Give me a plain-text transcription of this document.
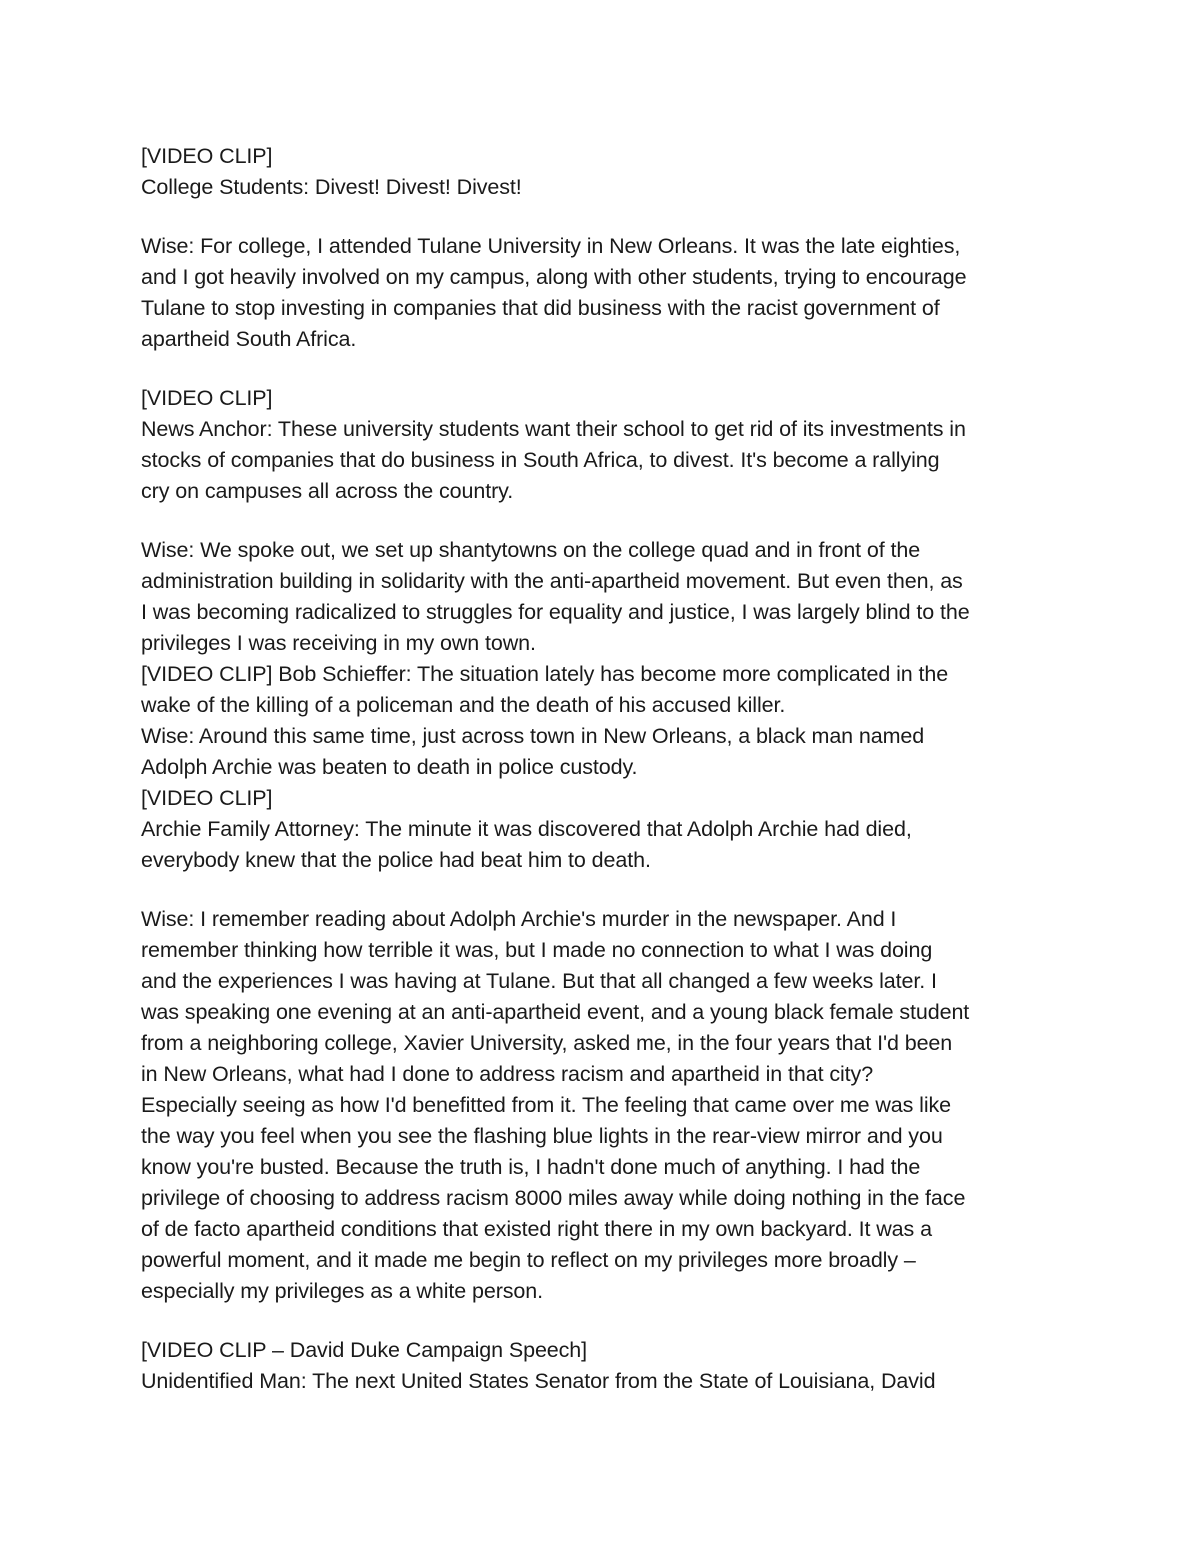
[VIDEO CLIP]
College Students: Divest! Divest! Divest!
Wise: For college, I attended Tulane University in New Orleans. It was the late eighties,
and I got heavily involved on my campus, along with other students, trying to encourage
Tulane to stop investing in companies that did business with the racist government of
apartheid South Africa.
[VIDEO CLIP]
News Anchor: These university students want their school to get rid of its investments in
stocks of companies that do business in South Africa, to divest. It's become a rallying
cry on campuses all across the country.
Wise: We spoke out, we set up shantytowns on the college quad and in front of the
administration building in solidarity with the anti-apartheid movement. But even then, as
I was becoming radicalized to struggles for equality and justice, I was largely blind to the
privileges I was receiving in my own town.
[VIDEO CLIP] Bob Schieffer: The situation lately has become more complicated in the
wake of the killing of a policeman and the death of his accused killer.
Wise: Around this same time, just across town in New Orleans, a black man named
Adolph Archie was beaten to death in police custody.
[VIDEO CLIP]
Archie Family Attorney: The minute it was discovered that Adolph Archie had died,
everybody knew that the police had beat him to death.
Wise: I remember reading about Adolph Archie's murder in the newspaper. And I
remember thinking how terrible it was, but I made no connection to what I was doing
and the experiences I was having at Tulane. But that all changed a few weeks later. I
was speaking one evening at an anti-apartheid event, and a young black female student
from a neighboring college, Xavier University, asked me, in the four years that I'd been
in New Orleans, what had I done to address racism and apartheid in that city?
Especially seeing as how I'd benefitted from it. The feeling that came over me was like
the way you feel when you see the flashing blue lights in the rear-view mirror and you
know you're busted. Because the truth is, I hadn't done much of anything. I had the
privilege of choosing to address racism 8000 miles away while doing nothing in the face
of de facto apartheid conditions that existed right there in my own backyard. It was a
powerful moment, and it made me begin to reflect on my privileges more broadly –
especially my privileges as a white person.
[VIDEO CLIP – David Duke Campaign Speech]
Unidentified Man: The next United States Senator from the State of Louisiana, David
